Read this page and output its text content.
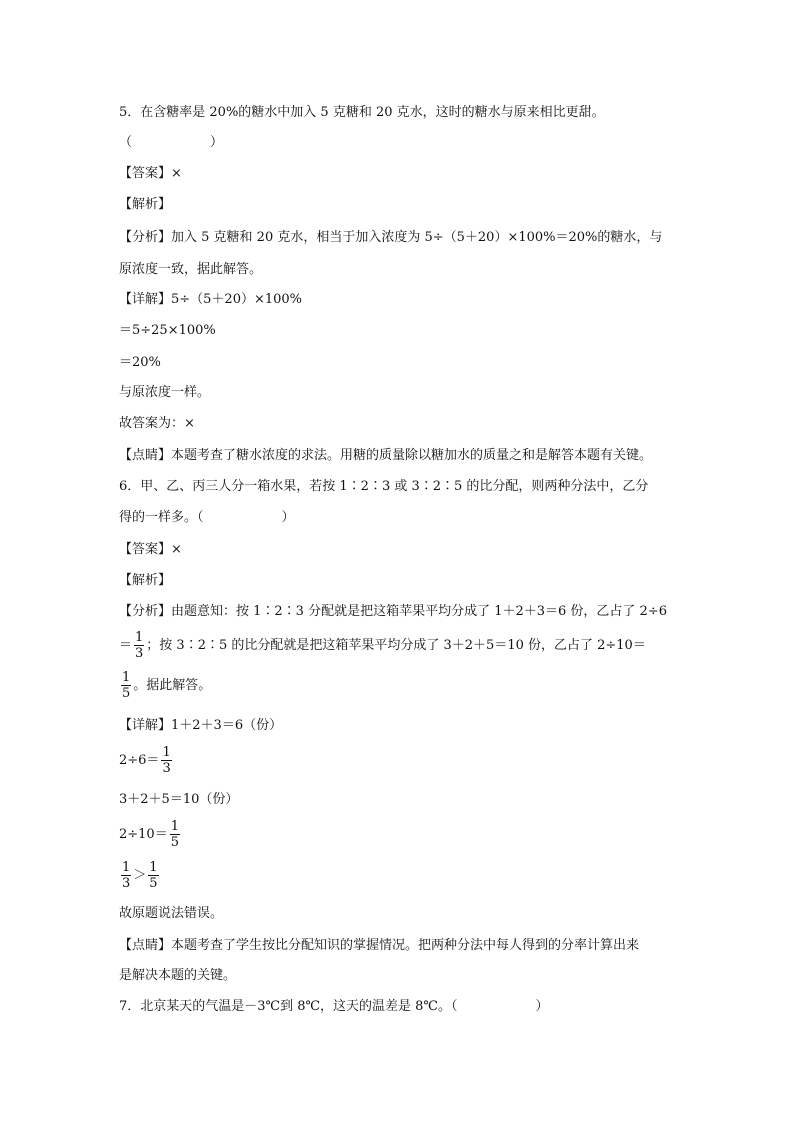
5．在含糖率是 20%的糖水中加入 5 克糖和 20 克水，这时的糖水与原来相比更甜。
（　　　　　　）
【答案】×
【解析】
【分析】加入 5 克糖和 20 克水，相当于加入浓度为 5÷（5＋20）×100%＝20%的糖水，与
原浓度一致，据此解答。
【详解】5÷（5＋20）×100%
＝5÷25×100%
＝20%
与原浓度一样。
故答案为：×
【点睛】本题考查了糖水浓度的求法。用糖的质量除以糖加水的质量之和是解答本题有关键。
6．甲、乙、丙三人分一箱水果，若按 1∶2∶3 或 3∶2∶5 的比分配，则两种分法中，乙分
得的一样多。（　　　　　　）
【答案】×
【解析】
【分析】由题意知：按 1∶2∶3 分配就是把这箱苹果平均分成了 1＋2＋3＝6 份，乙占了 2÷6
＝ $\frac{1}{3}$ ；按 3∶2∶5 的比分配就是把这箱苹果平均分成了 3＋2＋5＝10 份，乙占了 2÷10＝
$\frac{1}{5}$ 。据此解答。
【详解】1＋2＋3＝6（份）
$2\div 6= \frac{1}{3}$
3＋2＋5＝10（份）
$2\div 10= \frac{1}{5}$
$\frac{1}{3} > \frac{1}{5}$
故原题说法错误。
【点睛】本题考查了学生按比分配知识的掌握情况。把两种分法中每人得到的分率计算出来
是解决本题的关键。
7．北京某天的气温是－3℃到 8℃，这天的温差是 8℃。（　　　　　　）
